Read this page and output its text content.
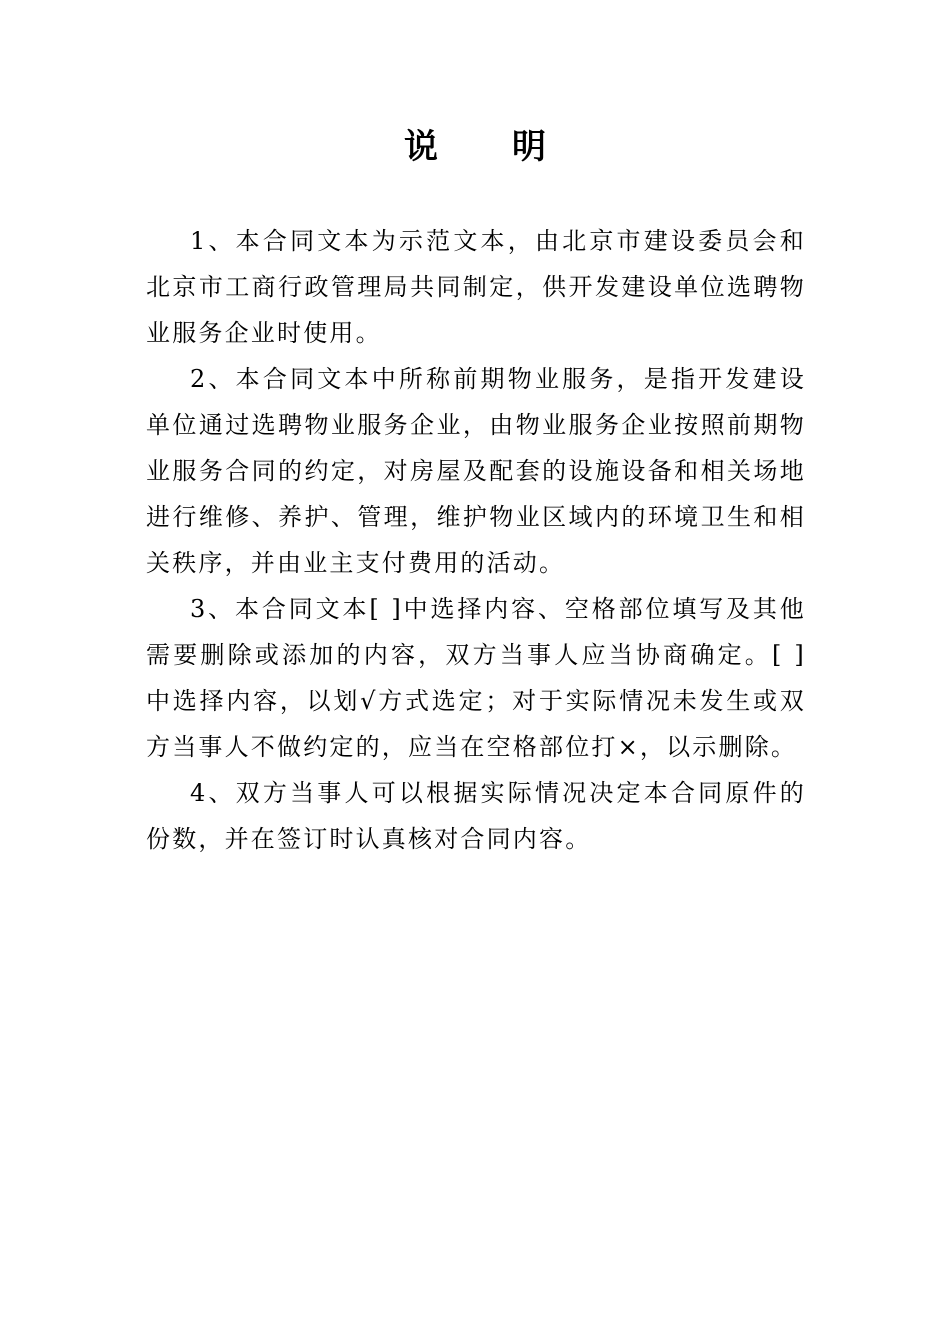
说明

1、本合同文本为示范文本，由北京市建设委员会和北京市工商行政管理局共同制定，供开发建设单位选聘物业服务企业时使用。

2、本合同文本中所称前期物业服务，是指开发建设单位通过选聘物业服务企业，由物业服务企业按照前期物业服务合同的约定，对房屋及配套的设施设备和相关场地进行维修、养护、管理，维护物业区域内的环境卫生和相关秩序，并由业主支付费用的活动。

3、本合同文本[ ]中选择内容、空格部位填写及其他需要删除或添加的内容，双方当事人应当协商确定。[ ]中选择内容，以划√方式选定；对于实际情况未发生或双方当事人不做约定的，应当在空格部位打×，以示删除。

4、双方当事人可以根据实际情况决定本合同原件的份数，并在签订时认真核对合同内容。
